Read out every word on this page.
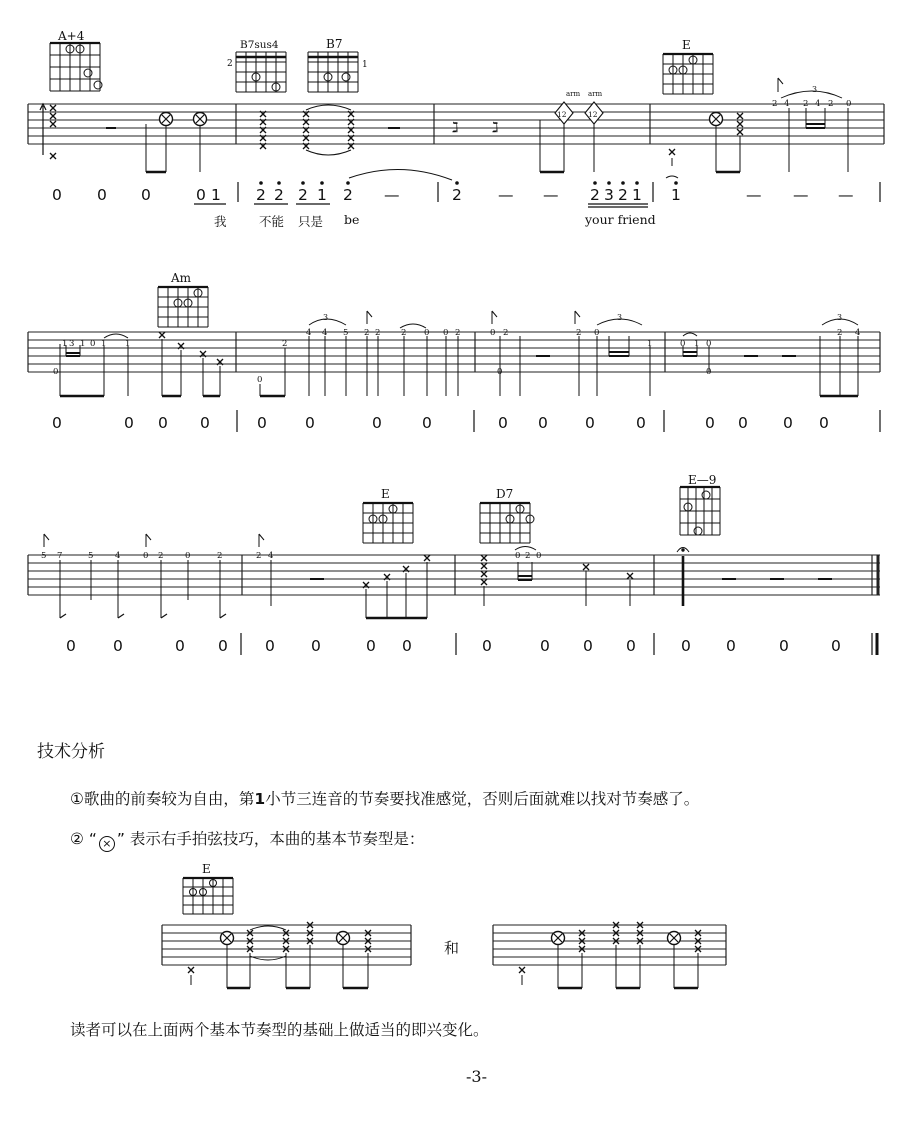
A+4
B7sus4	B7	E
Am
E	D7
E—9
E
2	1
ℷ ℷ
arm arm
12	12
3
2 4 2 4 2 0
0 0 0	0 1 2 2 2 1 2 —	2 — — 2 3 2 1 1	— — —
1 3 1 0 1 1
0
0
2
4 4 5 2 2 2 0 0 2	0 2
0
2 0
1	0 1 0
0
2 4
3	3	3
0	0 0 0	0 0	0	0	0 0 0	0	0 0 0 0
5 7	5	4	0 2	0	2	2 4	0 2 0
0 0	0 0 0 0	0 0	0	0 0 0	0 0	0	0
我	不能 只是 be	your friend
技术分析
①歌曲的前奏较为自由，第1小节三连音的节奏要找准感觉，否则后面就难以找对节奏感了。
② “ × ” 表示右手拍弦技巧，本曲的基本节奏型是：
和
读者可以在上面两个基本节奏型的基础上做适当的即兴变化。
-3-
